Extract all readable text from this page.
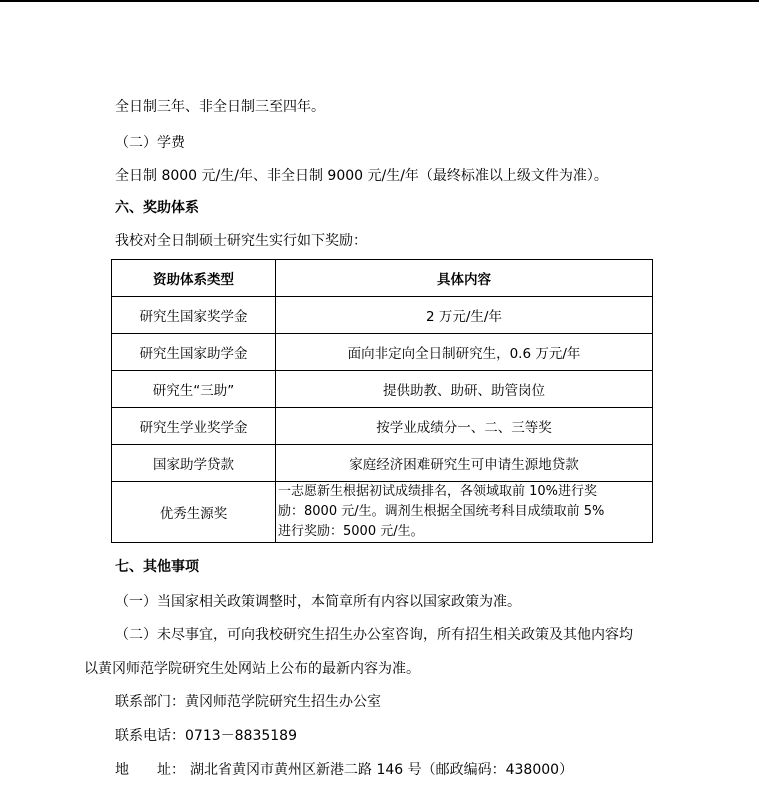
全日制三年、非全日制三至四年。
（二）学费
全日制 8000 元/生/年、非全日制 9000 元/生/年（最终标准以上级文件为准）。
六、奖助体系
我校对全日制硕士研究生实行如下奖励：
资助体系类型	具体内容
研究生国家奖学金	2 万元/生/年
研究生国家助学金	面向非定向全日制研究生，0.6 万元/年
研究生“三助”	提供助教、助研、助管岗位
研究生学业奖学金	按学业成绩分一、二、三等奖
国家助学贷款	家庭经济困难研究生可申请生源地贷款
优秀生源奖	一志愿新生根据初试成绩排名，各领域取前 10%进行奖
励：8000 元/生。调剂生根据全国统考科目成绩取前 5%
进行奖励：5000 元/生。
七、其他事项
（一）当国家相关政策调整时，本简章所有内容以国家政策为准。
（二）未尽事宜，可向我校研究生招生办公室咨询，所有招生相关政策及其他内容均
以黄冈师范学院研究生处网站上公布的最新内容为准。
联系部门：黄冈师范学院研究生招生办公室
联系电话：0713－8835189
地　　址： 湖北省黄冈市黄州区新港二路 146 号（邮政编码：438000）
